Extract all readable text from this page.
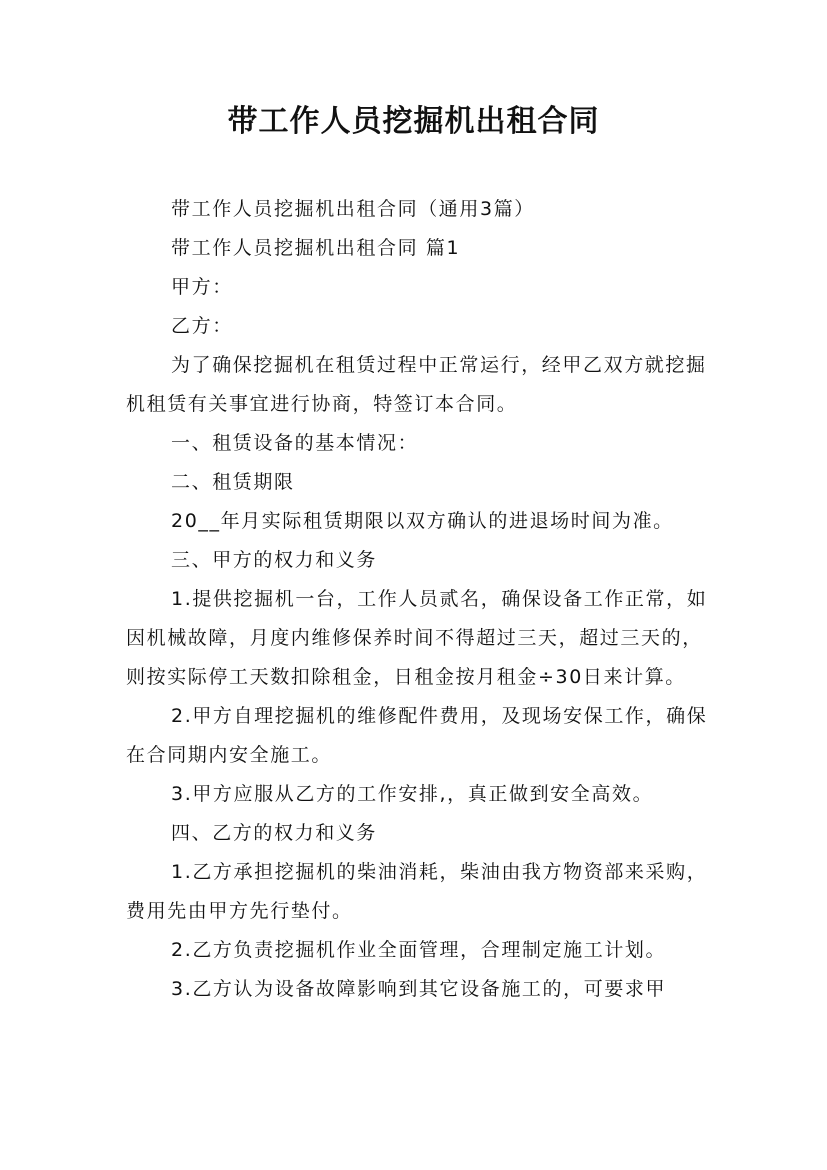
带工作人员挖掘机出租合同

带工作人员挖掘机出租合同（通用3篇）

带工作人员挖掘机出租合同 篇1

甲方：

乙方：

为了确保挖掘机在租赁过程中正常运行，经甲乙双方就挖掘机租赁有关事宜进行协商，特签订本合同。

一、租赁设备的基本情况：

二、租赁期限

20__年月实际租赁期限以双方确认的进退场时间为准。

三、甲方的权力和义务

1.提供挖掘机一台，工作人员贰名，确保设备工作正常，如因机械故障，月度内维修保养时间不得超过三天，超过三天的，则按实际停工天数扣除租金，日租金按月租金÷30日来计算。

2.甲方自理挖掘机的维修配件费用，及现场安保工作，确保在合同期内安全施工。

3.甲方应服从乙方的工作安排,，真正做到安全高效。

四、乙方的权力和义务

1.乙方承担挖掘机的柴油消耗，柴油由我方物资部来采购，费用先由甲方先行垫付。

2.乙方负责挖掘机作业全面管理，合理制定施工计划。

3.乙方认为设备故障影响到其它设备施工的，可要求甲
